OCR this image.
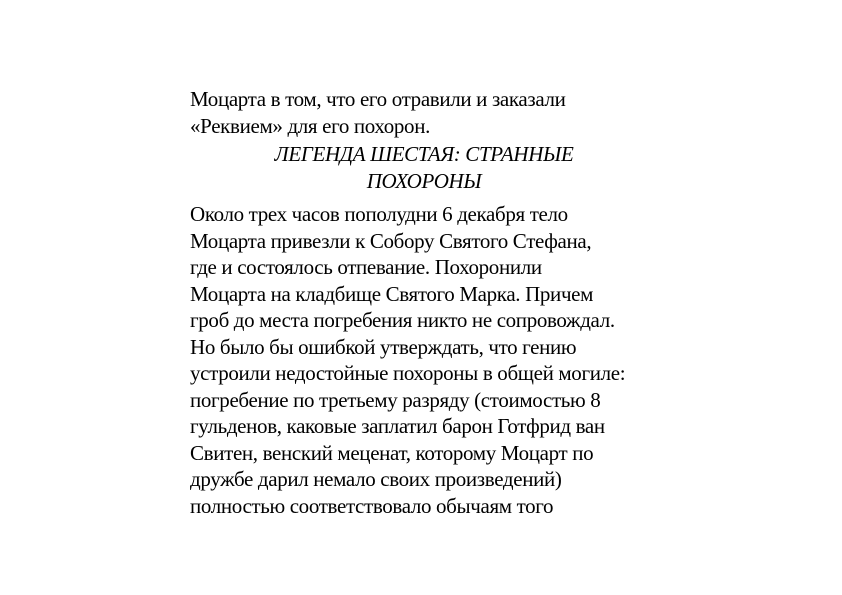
Моцарта в том, что его отравили и заказали
«Реквием» для его похорон.
ЛЕГЕНДА ШЕСТАЯ: СТРАННЫЕ
ПОХОРОНЫ
Около трех часов пополудни 6 декабря тело
Моцарта привезли к Собору Святого Стефана,
где и состоялось отпевание. Похоронили
Моцарта на кладбище Святого Марка. Причем
гроб до места погребения никто не сопровождал.
Но было бы ошибкой утверждать, что гению
устроили недостойные похороны в общей могиле:
погребение по третьему разряду (стоимостью 8
гульденов, каковые заплатил барон Готфрид ван
Свитен, венский меценат, которому Моцарт по
дружбе дарил немало своих произведений)
полностью соответствовало обычаям того
